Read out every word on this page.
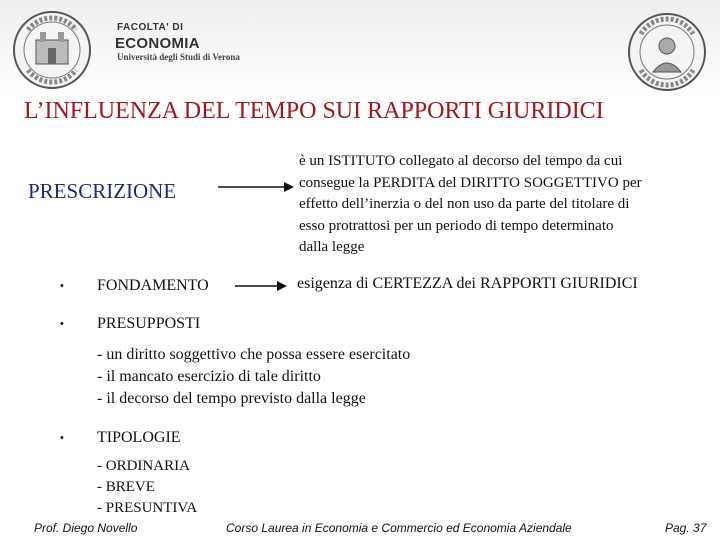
FACOLTA' DI
ECONOMIA
Università degli Studi di Verona
L’INFLUENZA DEL TEMPO SUI RAPPORTI GIURIDICI
PRESCRIZIONE
è un ISTITUTO collegato al decorso del tempo da cui
consegue la PERDITA del DIRITTO SOGGETTIVO per
effetto dell’inerzia o del non uso da parte del titolare di
esso protrattosi per un periodo di tempo determinato
dalla legge
• FONDAMENTO	esigenza di CERTEZZA dei RAPPORTI GIURIDICI
• PRESUPPOSTI
- un diritto soggettivo che possa essere esercitato
- il mancato esercizio di tale diritto
- il decorso del tempo previsto dalla legge
• TIPOLOGIE
- ORDINARIA
- BREVE
- PRESUNTIVA
Prof. Diego Novello	Corso Laurea in Economia e Commercio ed Economia Aziendale	Pag. 37
